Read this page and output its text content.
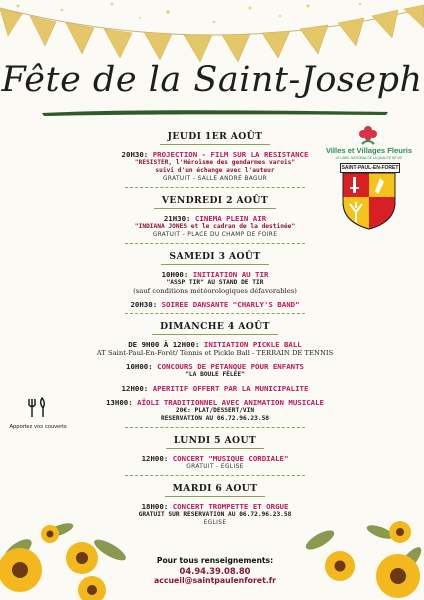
Fête de la Saint-Joseph
Villes et Villages Fleuris
LE LABEL NATIONAL DE LA QUALITÉ DE VIE
SAINT-PAUL-EN-FORET
JEUDI 1ER AOÛT
20H30: PROJECTION - FILM SUR LA RESISTANCE
"RESISTER, l'Héroïsme des gendarmes varois"
suivi d'un échange avec l'auteur
GRATUIT - SALLE ANDRÉ BAGUR
VENDREDI 2 AOÛT
21H30: CINEMA PLEIN AIR
"INDIANA JONES et le cadran de la destinée"
GRATUIT - PLACE DU CHAMP DE FOIRE
SAMEDI 3 AOÛT
10H00: INITIATION AU TIR
"ASSP TIR" AU STAND DE TIR
(sauf conditions météorologiques défavorables)
20H30: SOIREE DANSANTE "CHARLY'S BAND"
DIMANCHE 4 AOÛT
DE 9H00 À 12H00: INITIATION PICKLE BALL
AT Saint-Paul-En-Forêt/ Tennis et Pickle Ball - TERRAIN DE TENNIS
10H00: CONCOURS DE PETANQUE POUR ENFANTS
"LA BOULE FÊLÉE"
12H00: APERITIF OFFERT PAR LA MUNICIPALITE
13H00: AÏOLI TRADITIONNEL AVEC ANIMATION MUSICALE
20€: PLAT/DESSERT/VIN
RESERVATION AU 06.72.96.23.58
LUNDI 5 AOUT
12H00: CONCERT "MUSIQUE CORDIALE"
GRATUIT - EGLISE
MARDI 6 AOUT
18H00: CONCERT TROMPETTE ET ORGUE
GRATUIT SUR RESERVATION AU 06.72.96.23.58
EGLISE
Apportez vos couverts
Pour tous renseignements:
04.94.39.08.80
accueil@saintpaulenforet.fr
